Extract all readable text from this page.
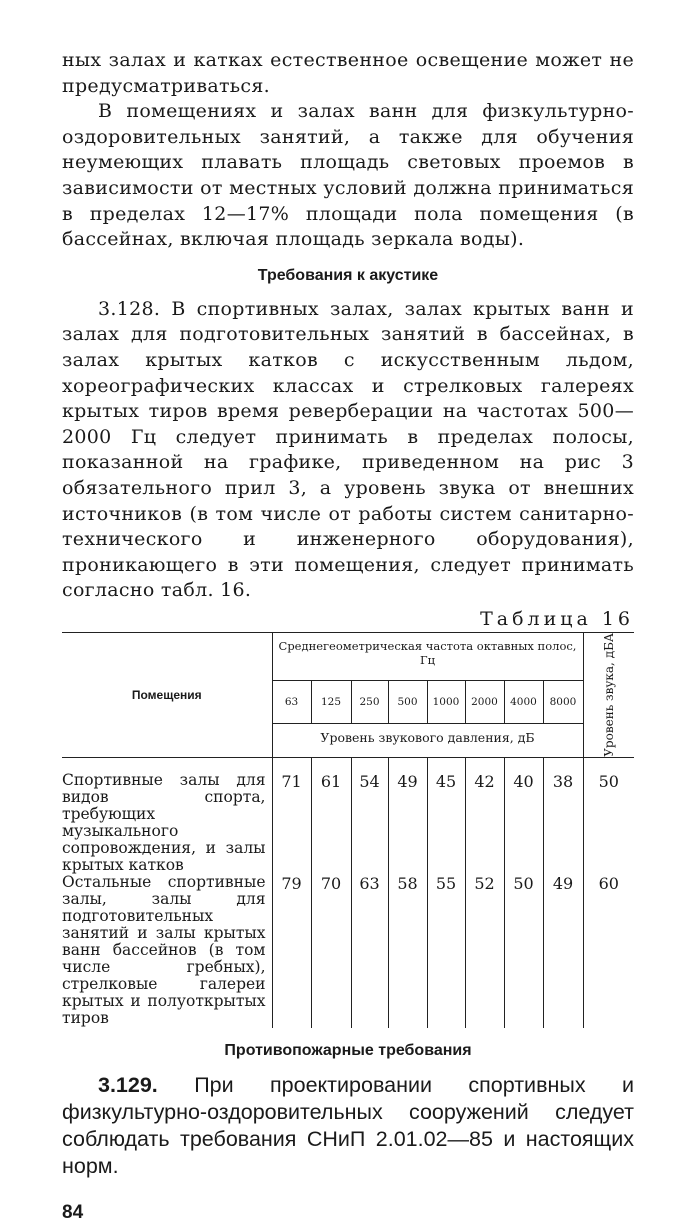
ных залах и катках естественное освещение может не предусматриваться.

В помещениях и залах ванн для физкультурно-оздоровительных занятий, а также для обучения неумеющих плавать площадь световых проемов в зависимости от местных условий должна приниматься в пределах 12—17% площади пола помещения (в бассейнах, включая площадь зеркала воды).

Требования к акустике

3.128. В спортивных залах, залах крытых ванн и залах для подготовительных занятий в бассейнах, в залах крытых катков с искусственным льдом, хореографических классах и стрелковых галереях крытых тиров время реверберации на частотах 500—2000 Гц следует принимать в пределах полосы, показанной на графике, приведенном на рис 3 обязательного прил 3, а уровень звука от внешних источников (в том числе от работы систем санитарно-технического и инженерного оборудования), проникающего в эти помещения, следует принимать согласно табл. 16.

Таблица 16
Помещения	Среднегеометрическая частота октавных полос, Гц								Уровень звука, дБА

	63	125	250	500	1000	2000	4000	8000	
	Уровень звукового давления, дБ								
Спортивные залы для видов спорта, требующих музыкального сопровождения, и залы крытых катков	71	61	54	49	45	42	40	38	50
Остальные спортивные залы, залы для подготовительных занятий и залы крытых ванн бассейнов (в том числе гребных), стрелковые галереи крытых и полуоткрытых тиров	79	70	63	58	55	52	50	49	60
Противопожарные требования

3.129. При проектировании спортивных и физкультурно-оздоровительных сооружений следует соблюдать требования СНиП 2.01.02—85 и настоящих норм.

84
